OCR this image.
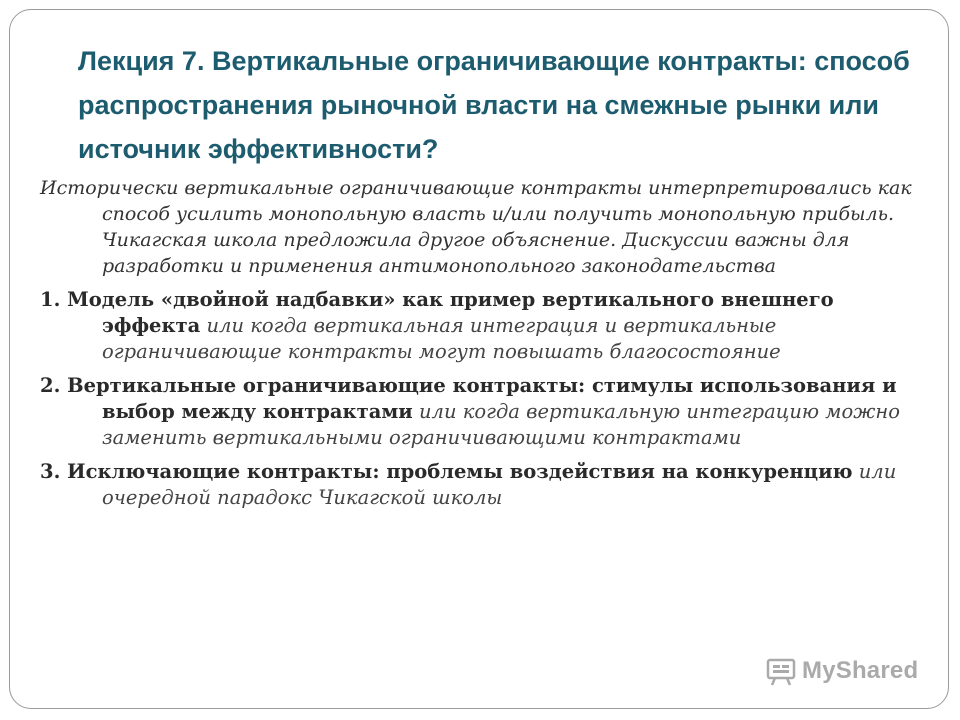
Лекция 7. Вертикальные ограничивающие контракты: способ распространения рыночной власти на смежные рынки или источник эффективности?

Исторически вертикальные ограничивающие контракты интерпретировались как способ усилить монопольную власть и/или получить монопольную прибыль. Чикагская школа предложила другое объяснение. Дискуссии важны для разработки и применения антимонопольного законодательства

1. Модель «двойной надбавки» как пример вертикального внешнего эффекта или когда вертикальная интеграция и вертикальные ограничивающие контракты могут повышать благосостояние

2. Вертикальные ограничивающие контракты: стимулы использования и выбор между контрактами или когда вертикальную интеграцию можно заменить вертикальными ограничивающими контрактами

3. Исключающие контракты: проблемы воздействия на конкуренцию или очередной парадокс Чикагской школы

MyShared
